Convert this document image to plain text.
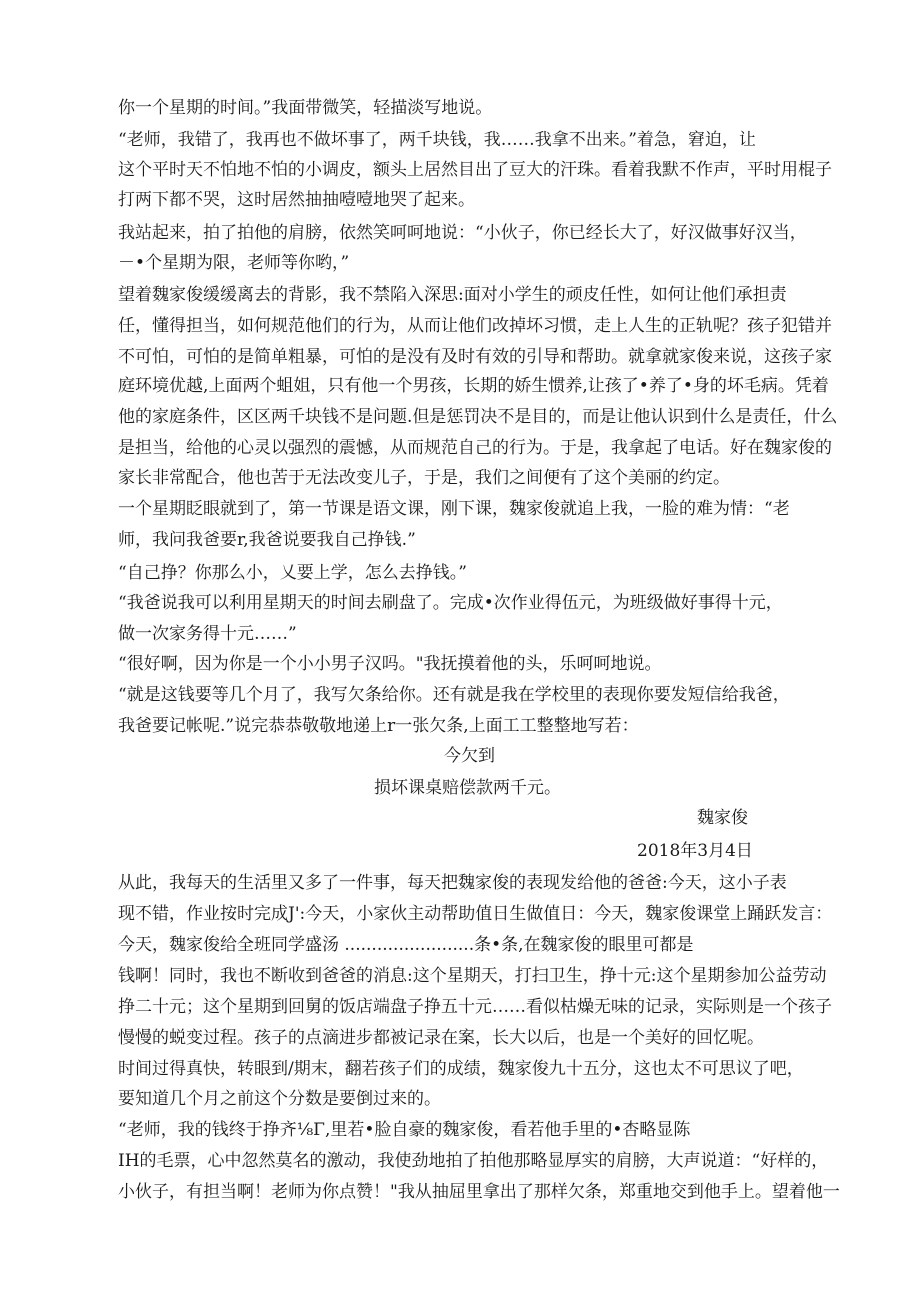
你一个星期的时间。”我面带微笑，轻描淡写地说。
“老师，我错了，我再也不做坏事了，两千块钱，我……我拿不出来。”着急，窘迫，让
这个平时天不怕地不怕的小调皮，额头上居然目出了豆大的汗珠。看着我默不作声，平时用棍子
打两下都不哭，这时居然抽抽噎噎地哭了起来。
我站起来，拍了拍他的肩膀，依然笑呵呵地说：“小伙子，你已经长大了，好汉做事好汉当，
－•个星期为限，老师等你哟，”
望着魏家俊缓缓离去的背影，我不禁陷入深思:面对小学生的顽皮任性，如何让他们承担责
任，懂得担当，如何规范他们的行为，从而让他们改掉坏习惯，走上人生的正轨呢？孩子犯错并
不可怕，可怕的是简单粗暴，可怕的是没有及时有效的引导和帮助。就拿就家俊来说，这孩子家
庭环境优越,上面两个蛆姐，只有他一个男孩，长期的娇生惯养,让孩了•养了•身的坏毛病。凭着
他的家庭条件，区区两千块钱不是问题.但是惩罚决不是目的，而是让他认识到什么是责任，什么
是担当，给他的心灵以强烈的震憾，从而规范自己的行为。于是，我拿起了电话。好在魏家俊的
家长非常配合，他也苦于无法改变儿子，于是，我们之间便有了这个美丽的约定。
一个星期眨眼就到了，第一节课是语文课，刚下课，魏家俊就追上我，一脸的难为情：“老
师，我问我爸要r,我爸说要我自己挣钱.”
“自己挣？你那么小，乂要上学，怎么去挣钱。”
“我爸说我可以利用星期天的时间去刷盘了。完成•次作业得伍元，为班级做好事得十元，
做一次家务得十元……”
“很好啊，因为你是一个小小男子汉吗。"我抚摸着他的头，乐呵呵地说。
“就是这钱要等几个月了，我写欠条给你。还有就是我在学校里的表现你要发短信给我爸，
我爸要记帐呢.”说完恭恭敬敬地递上r一张欠条,上面工工整整地写若：
今欠到
损坏课桌赔偿款两千元。
魏家俊
2018年3月4日
从此，我每天的生活里又多了一件事，每天把魏家俊的表现发给他的爸爸:今天，这小子表
现不错，作业按时完成J':今天，小家伙主动帮助值日生做值日：今天，魏家俊课堂上踊跃发言：
今天，魏家俊给全班同学盛汤 ........................条•条,在魏家俊的眼里可都是
钱啊！同时，我也不断收到爸爸的消息:这个星期天，打扫卫生，挣十元:这个星期参加公益劳动
挣二十元；这个星期到回舅的饭店端盘子挣五十元……看似枯燥无味的记录，实际则是一个孩子
慢慢的蜕变过程。孩子的点滴进步都被记录在案，长大以后，也是一个美好的回忆呢。
时间过得真快，转眼到/期末，翻若孩子们的成绩，魏家俊九十五分，这也太不可思议了吧，
要知道几个月之前这个分数是要倒过来的。
“老师，我的钱终于挣齐⅛Γ,里若•脸自豪的魏家俊，看若他手里的•杏略显陈
IH的毛票，心中忽然莫名的激动，我使劲地拍了拍他那略显厚实的肩膀，大声说道：“好样的，
小伙子，有担当啊！老师为你点赞！"我从抽屈里拿出了那样欠条，郑重地交到他手上。望着他一
